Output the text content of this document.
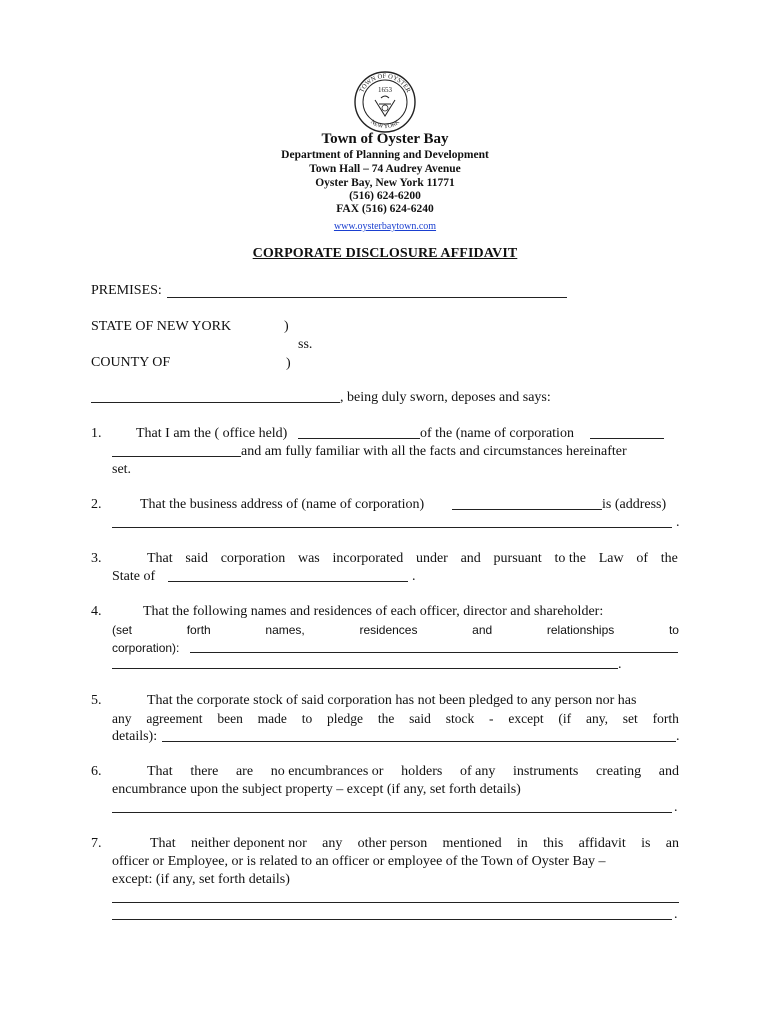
TOWN OF OYSTER
NEW YORK
1653
Town of Oyster Bay
Department of Planning and Development
Town Hall – 74 Audrey Avenue
Oyster Bay, New York 11771
(516) 624-6200
FAX (516) 624-6240
www.oysterbaytown.com
CORPORATE DISCLOSURE AFFIDAVIT
PREMISES:
STATE OF NEW YORK	)
ss.
COUNTY OF	)
, being duly sworn, deposes and says:
1. That I am the ( office held)	of the (name of corporation
and am fully familiar with all the facts and circumstances hereinafter
set.
2.	That the business address of (name of corporation)	is (address)
.
3.	That said corporation was incorporated under and pursuant to the Law of the
State of	.
4.	That the following names and residences of each officer, director and shareholder:
(set	forth	names,	residences	and	relationships	to
corporation):
.
5.	That the corporate stock of said corporation has not been pledged to any person nor has
any agreement been made to pledge the said stock - except (if any, set forth
details):	.
6.	That there are no encumbrances or holders of any instruments creating and
encumbrance upon the subject property – except (if any, set forth details)
.
7.	That neither deponent nor any other person mentioned in this affidavit is an
officer or Employee, or is related to an officer or employee of the Town of Oyster Bay –
except: (if any, set forth details)
.
